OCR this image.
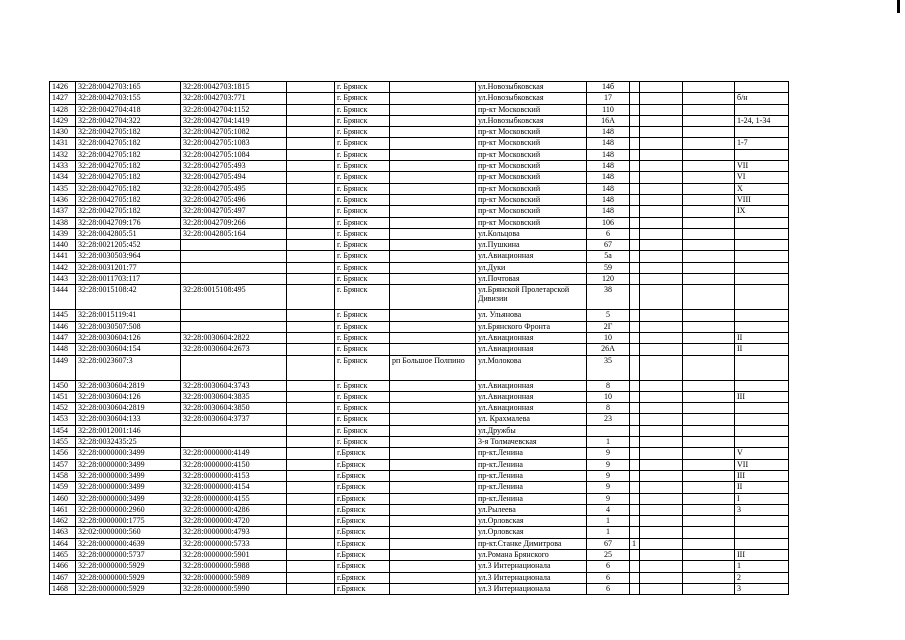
1426	32:28:0042703:165	32:28:0042703:1815		г. Брянск		ул.Новозыбковская	14б				
1427	32:28:0042703:155	32:28:0042703:771		г. Брянск		ул.Новозыбковская	17				б/н
1428	32:28:0042704:418	32:28:0042704:1152		г. Брянск		пр-кт Московский	110				
1429	32:28:0042704:322	32:28:0042704:1419		г. Брянск		ул.Новозыбковская	16А				1-24, 1-34
1430	32:28:0042705:182	32:28:0042705:1082		г. Брянск		пр-кт Московский	148				
1431	32:28:0042705:182	32:28:0042705:1083		г. Брянск		пр-кт Московский	148				1-7
1432	32:28:0042705:182	32:28:0042705:1084		г. Брянск		пр-кт Московский	148				
1433	32:28:0042705:182	32:28:0042705:493		г. Брянск		пр-кт Московский	148				VII
1434	32:28:0042705:182	32:28:0042705:494		г. Брянск		пр-кт Московский	148				VI
1435	32:28:0042705:182	32:28:0042705:495		г. Брянск		пр-кт Московский	148				X
1436	32:28:0042705:182	32:28:0042705:496		г. Брянск		пр-кт Московский	148				VIII
1437	32:28:0042705:182	32:28:0042705:497		г. Брянск		пр-кт Московский	148				IX
1438	32:28:0042709:176	32:28:0042709:266		г. Брянск		пр-кт Московский	106				
1439	32:28:0042805:51	32:28:0042805:164		г. Брянск		ул.Кольцова	6				
1440	32:28:0021205:452			г. Брянск		ул.Пушкина	67				
1441	32:28:0030503:964			г. Брянск		ул.Авиационная	5а				
1442	32:28:0031201:77			г. Брянск		ул.Дуки	59				
1443	32:28:0011703:117			г. Брянск		ул.Почтовая	120				
1444	32:28:0015108:42	32:28:0015108:495		г. Брянск		ул.Брянской Пролетарской Дивизии	38				
1445	32:28:0015119:41			г. Брянск		ул. Ульянова	5				
1446	32:28:0030507:508			г. Брянск		ул.Брянского Фронта	2Г				
1447	32:28:0030604:126	32:28:0030604:2822		г. Брянск		ул.Авиационная	10				II
1448	32:28:0030604:154	32:28:0030604:2673		г. Брянск		ул.Авиационная	26А				II
1449	32:28:0023607:3			г. Брянск	рп Большое Полпино	ул.Молокова	35				
1450	32:28:0030604:2819	32:28:0030604:3743		г. Брянск		ул.Авиационная	8				
1451	32:28:0030604:126	32:28:0030604:3835		г. Брянск		ул.Авиационная	10				III
1452	32:28:0030604:2819	32:28:0030604:3850		г. Брянск		ул.Авиационная	8				
1453	32:28:0030604:133	32:28:0030604:3737		г. Брянск		ул. Крахмалева	23				
1454	32:28:0012001:146			г. Брянск		ул.Дружбы					
1455	32:28:0032435:25			г. Брянск		3-я Толмачевская	1				
1456	32:28:0000000:3499	32:28:0000000:4149		г.Брянск		пр-кт.Ленина	9				V
1457	32:28:0000000:3499	32:28:0000000:4150		г.Брянск		пр-кт.Ленина	9				VII
1458	32:28:0000000:3499	32:28:0000000:4153		г.Брянск		пр-кт.Ленина	9				III
1459	32:28:0000000:3499	32:28:0000000:4154		г.Брянск		пр-кт.Ленина	9				II
1460	32:28:0000000:3499	32:28:0000000:4155		г.Брянск		пр-кт.Ленина	9				I
1461	32:28:0000000:2960	32:28:0000000:4286		г.Брянск		ул.Рылеева	4				3
1462	32:28:0000000:1775	32:28:0000000:4720		г.Брянск		ул.Орловская	1				
1463	32:02:0000000:560	32:28:0000000:4793		г.Брянск		ул.Орловская	1				
1464	32:28:0000000:4639	32:28:0000000:5733		г.Брянск		пр-кт.Станке Димитрова	67	1			
1465	32:28:0000000:5737	32:28:0000000:5901		г.Брянск		ул.Романа Брянского	25				III
1466	32:28:0000000:5929	32:28:0000000:5988		г.Брянск		ул.3 Интернационала	6				1
1467	32:28:0000000:5929	32:28:0000000:5989		г.Брянск		ул.3 Интернационала	6				2
1468	32:28:0000000:5929	32:28:0000000:5990		г.Брянск		ул.3 Интернационала	6				3
